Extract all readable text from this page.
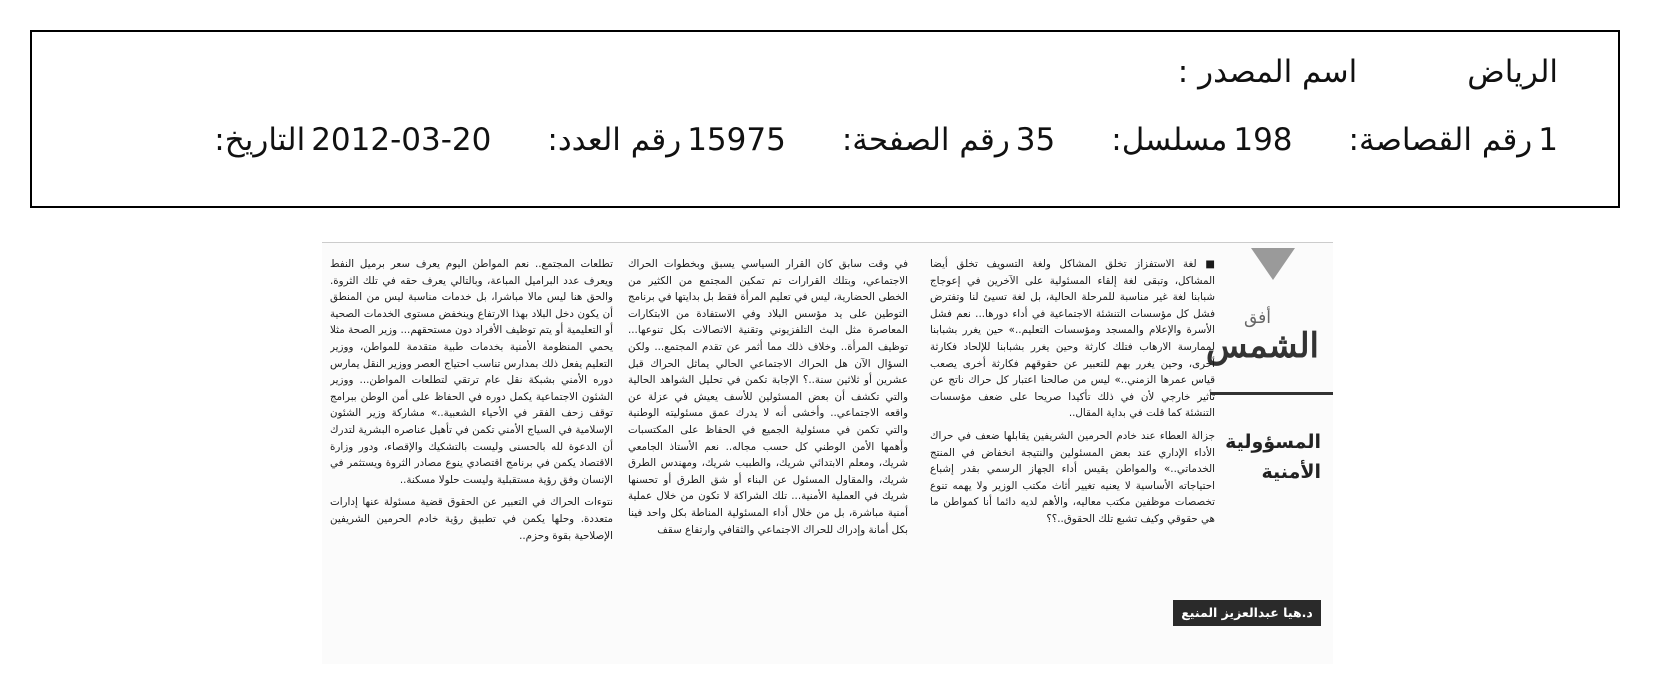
اسم المصدر :	الرياض
التاريخ: 2012-03-20 رقم العدد: 15975 رقم الصفحة: 35 مسلسل: 198 رقم القصاصة: 1
أفق
الشمس
المسؤولية
الأمنية

■ لغة الاستفزاز تخلق المشاكل ولغة التسويف تخلق أيضا المشاكل، وتبقى لغة إلقاء المسئولية على الآخرين في إعوجاج شبابنا لغة غير مناسبة للمرحلة الحالية، بل لغة تسيئ لنا وتفترض فشل كل مؤسسات التنشئة الاجتماعية في أداء دورها... نعم فشل الأسرة والإعلام والمسجد ومؤسسات التعليم..» حين يغرر بشبابنا لممارسة الارهاب فتلك كارثة وحين يغرر بشبابنا للإلحاد فكارثة أخرى، وحين يغرر بهم للتعبير عن حقوقهم فكارثة أخرى يصعب قياس عمرها الزمني..» ليس من صالحنا اعتبار كل حراك ناتج عن تأثير خارجي لأن في ذلك تأكيدا صريحا على ضعف مؤسسات التنشئة كما قلت في بداية المقال..

جزالة العطاء عند خادم الحرمين الشريفين يقابلها ضعف في حراك الأداء الإداري عند بعض المسئولين والنتيجة انخفاض في المنتج الخدماتي..» والمواطن يقيس أداء الجهاز الرسمي بقدر إشباع احتياجاته الأساسية لا يعنيه تغيير أثاث مكتب الوزير ولا يهمه تنوع تخصصات موظفين مكتب معاليه، والأهم لديه دائما أنا كمواطن ما هي حقوقي وكيف تشبع تلك الحقوق..؟؟

في وقت سابق كان القرار السياسي يسبق وبخطوات الحراك الاجتماعي، وبتلك القرارات تم تمكين المجتمع من الكثير من الخطى الحضارية، ليس في تعليم المرأة فقط بل بدايتها في برنامج التوطين على يد مؤسس البلاد وفي الاستفادة من الابتكارات المعاصرة مثل البث التلفزيوني وتقنية الاتصالات بكل تنوعها... توظيف المرأة.. وخلاف ذلك مما أثمر عن تقدم المجتمع... ولكن السؤال الآن هل الحراك الاجتماعي الحالي يماثل الحراك قبل عشرين أو ثلاثين سنة..؟ الإجابة تكمن في تحليل الشواهد الحالية والتي تكشف أن بعض المسئولين للأسف يعيش في عزلة عن واقعه الاجتماعي.. وأخشى أنه لا يدرك عمق مسئوليته الوطنية والتي تكمن في مسئولية الجميع في الحفاظ على المكتسبات وأهمها الأمن الوطني كل حسب مجاله.. نعم الأستاذ الجامعي شريك، ومعلم الابتدائي شريك، والطبيب شريك، ومهندس الطرق شريك، والمقاول المسئول عن البناء أو شق الطرق أو تحسنها شريك في العملية الأمنية... تلك الشراكة لا تكون من خلال عملية أمنية مباشرة، بل من خلال أداء المسئولية المناطة بكل واحد فينا بكل أمانة وإدراك للحراك الاجتماعي والثقافي وارتفاع سقف

تطلعات المجتمع.. نعم المواطن اليوم يعرف سعر برميل النفط ويعرف عدد البراميل المباعة، وبالتالي يعرف حقه في تلك الثروة. والحق هنا ليس مالا مباشرا، بل خدمات مناسبة ليس من المنطق أن يكون دخل البلاد بهذا الارتفاع وينخفض مستوى الخدمات الصحية أو التعليمية أو يتم توظيف الأفراد دون مستحقهم... وزير الصحة مثلا يحمي المنظومة الأمنية بخدمات طبية متقدمة للمواطن، ووزير التعليم يفعل ذلك بمدارس تناسب احتياج العصر ووزير النقل يمارس دوره الأمني بشبكة نقل عام ترتقي لتطلعات المواطن... ووزير الشئون الاجتماعية يكمل دوره في الحفاظ على أمن الوطن ببرامج توقف زحف الفقر في الأحياء الشعبية..» مشاركة وزير الشئون الإسلامية في السياج الأمني تكمن في تأهيل عناصره البشرية لتدرك أن الدعوة لله بالحسنى وليست بالتشكيك والإقصاء، ودور وزارة الاقتصاد يكمن في برنامج اقتصادي ينوع مصادر الثروة ويستثمر في الإنسان وفق رؤية مستقبلية وليست حلولا مسكنة..

نتوءات الحراك في التعبير عن الحقوق قضية مسئولة عنها إدارات متعددة. وحلها يكمن في تطبيق رؤية خادم الحرمين الشريفين الإصلاحية بقوة وحزم..

د.هيا عبدالعزيز المنيع
